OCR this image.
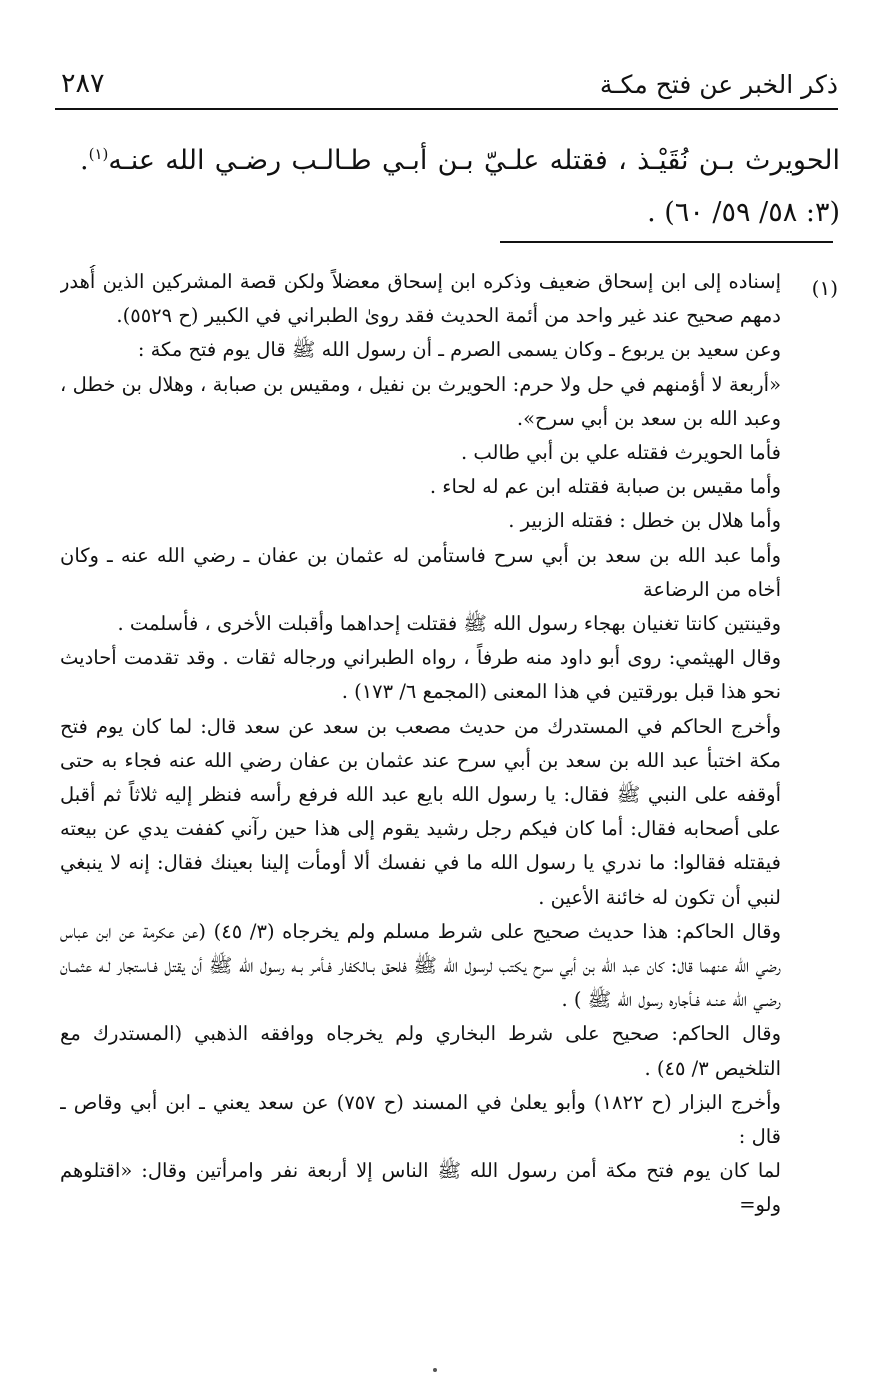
ذكر الخبر عن فتح مكـة
٢٨٧
الحويرث بـن نُقَيْـذ ، فقتله علـيّ بـن أبـي طـالـب رضـي الله عنـه$^{(١)}$. (٣: ٥٨/ ٥٩/ ٦٠) .
(١)

إسناده إلى ابن إسحاق ضعيف وذكره ابن إسحاق معضلاً ولكن قصة المشركين الذين أُهدر دمهم صحيح عند غير واحد من أئمة الحديث فقد روىٰ الطبراني في الكبير (ح ٥٥٢٩).

وعن سعيد بن يربوع ـ وكان يسمى الصرم ـ أن رسول الله ﷺ قال يوم فتح مكة :

«أربعة لا أؤمنهم في حل ولا حرم: الحويرث بن نفيل ، ومقيس بن صبابة ، وهلال بن خطل ، وعبد الله بن سعد بن أبي سرح».

فأما الحويرث فقتله علي بن أبي طالب .

وأما مقيس بن صبابة فقتله ابن عم له لحاء .

وأما هلال بن خطل : فقتله الزبير .

وأما عبد الله بن سعد بن أبي سرح فاستأمن له عثمان بن عفان ـ رضي الله عنه ـ وكان أخاه من الرضاعة

وقينتين كانتا تغنيان بهجاء رسول الله ﷺ فقتلت إحداهما وأقبلت الأخرى ، فأسلمت .

وقال الهيثمي: روى أبو داود منه طرفاً ، رواه الطبراني ورجاله ثقات . وقد تقدمت أحاديث نحو هذا قبل بورقتين في هذا المعنى (المجمع ٦/ ١٧٣) .

وأخرج الحاكم في المستدرك من حديث مصعب بن سعد عن سعد قال: لما كان يوم فتح مكة اختبأ عبد الله بن سعد بن أبي سرح عند عثمان بن عفان رضي الله عنه فجاء به حتى أوقفه على النبي ﷺ فقال: يا رسول الله بايع عبد الله فرفع رأسه فنظر إليه ثلاثاً ثم أقبل على أصحابه فقال: أما كان فيكم رجل رشيد يقوم إلى هذا حين رآني كففت يدي عن بيعته فيقتله فقالوا: ما ندري يا رسول الله ما في نفسك ألا أومأت إلينا بعينك فقال: إنه لا ينبغي لنبي أن تكون له خائنة الأعين .

وقال الحاكم: هذا حديث صحيح على شرط مسلم ولم يخرجاه (٣/ ٤٥) (عن عكرمة عن ابن عباس رضي الله عنهما قال: كان عبد الله بن أبي سرح يكتب لرسول الله ﷺ فلحق بـالكفار فـأمر بـه رسول الله ﷺ أن يقتل فـاستجار لـه عثمـان رضـي الله عنـه فـأجاره رسول الله ﷺ ) .

وقال الحاكم: صحيح على شرط البخاري ولم يخرجاه ووافقه الذهبي (المستدرك مع التلخيص ٣/ ٤٥) .

وأخرج البزار (ح ١٨٢٢) وأبو يعلىٰ في المسند (ح ٧٥٧) عن سعد يعني ـ ابن أبي وقاص ـ قال :

لما كان يوم فتح مكة أمن رسول الله ﷺ الناس إلا أربعة نفر وامرأتين وقال: «اقتلوهم ولو=
